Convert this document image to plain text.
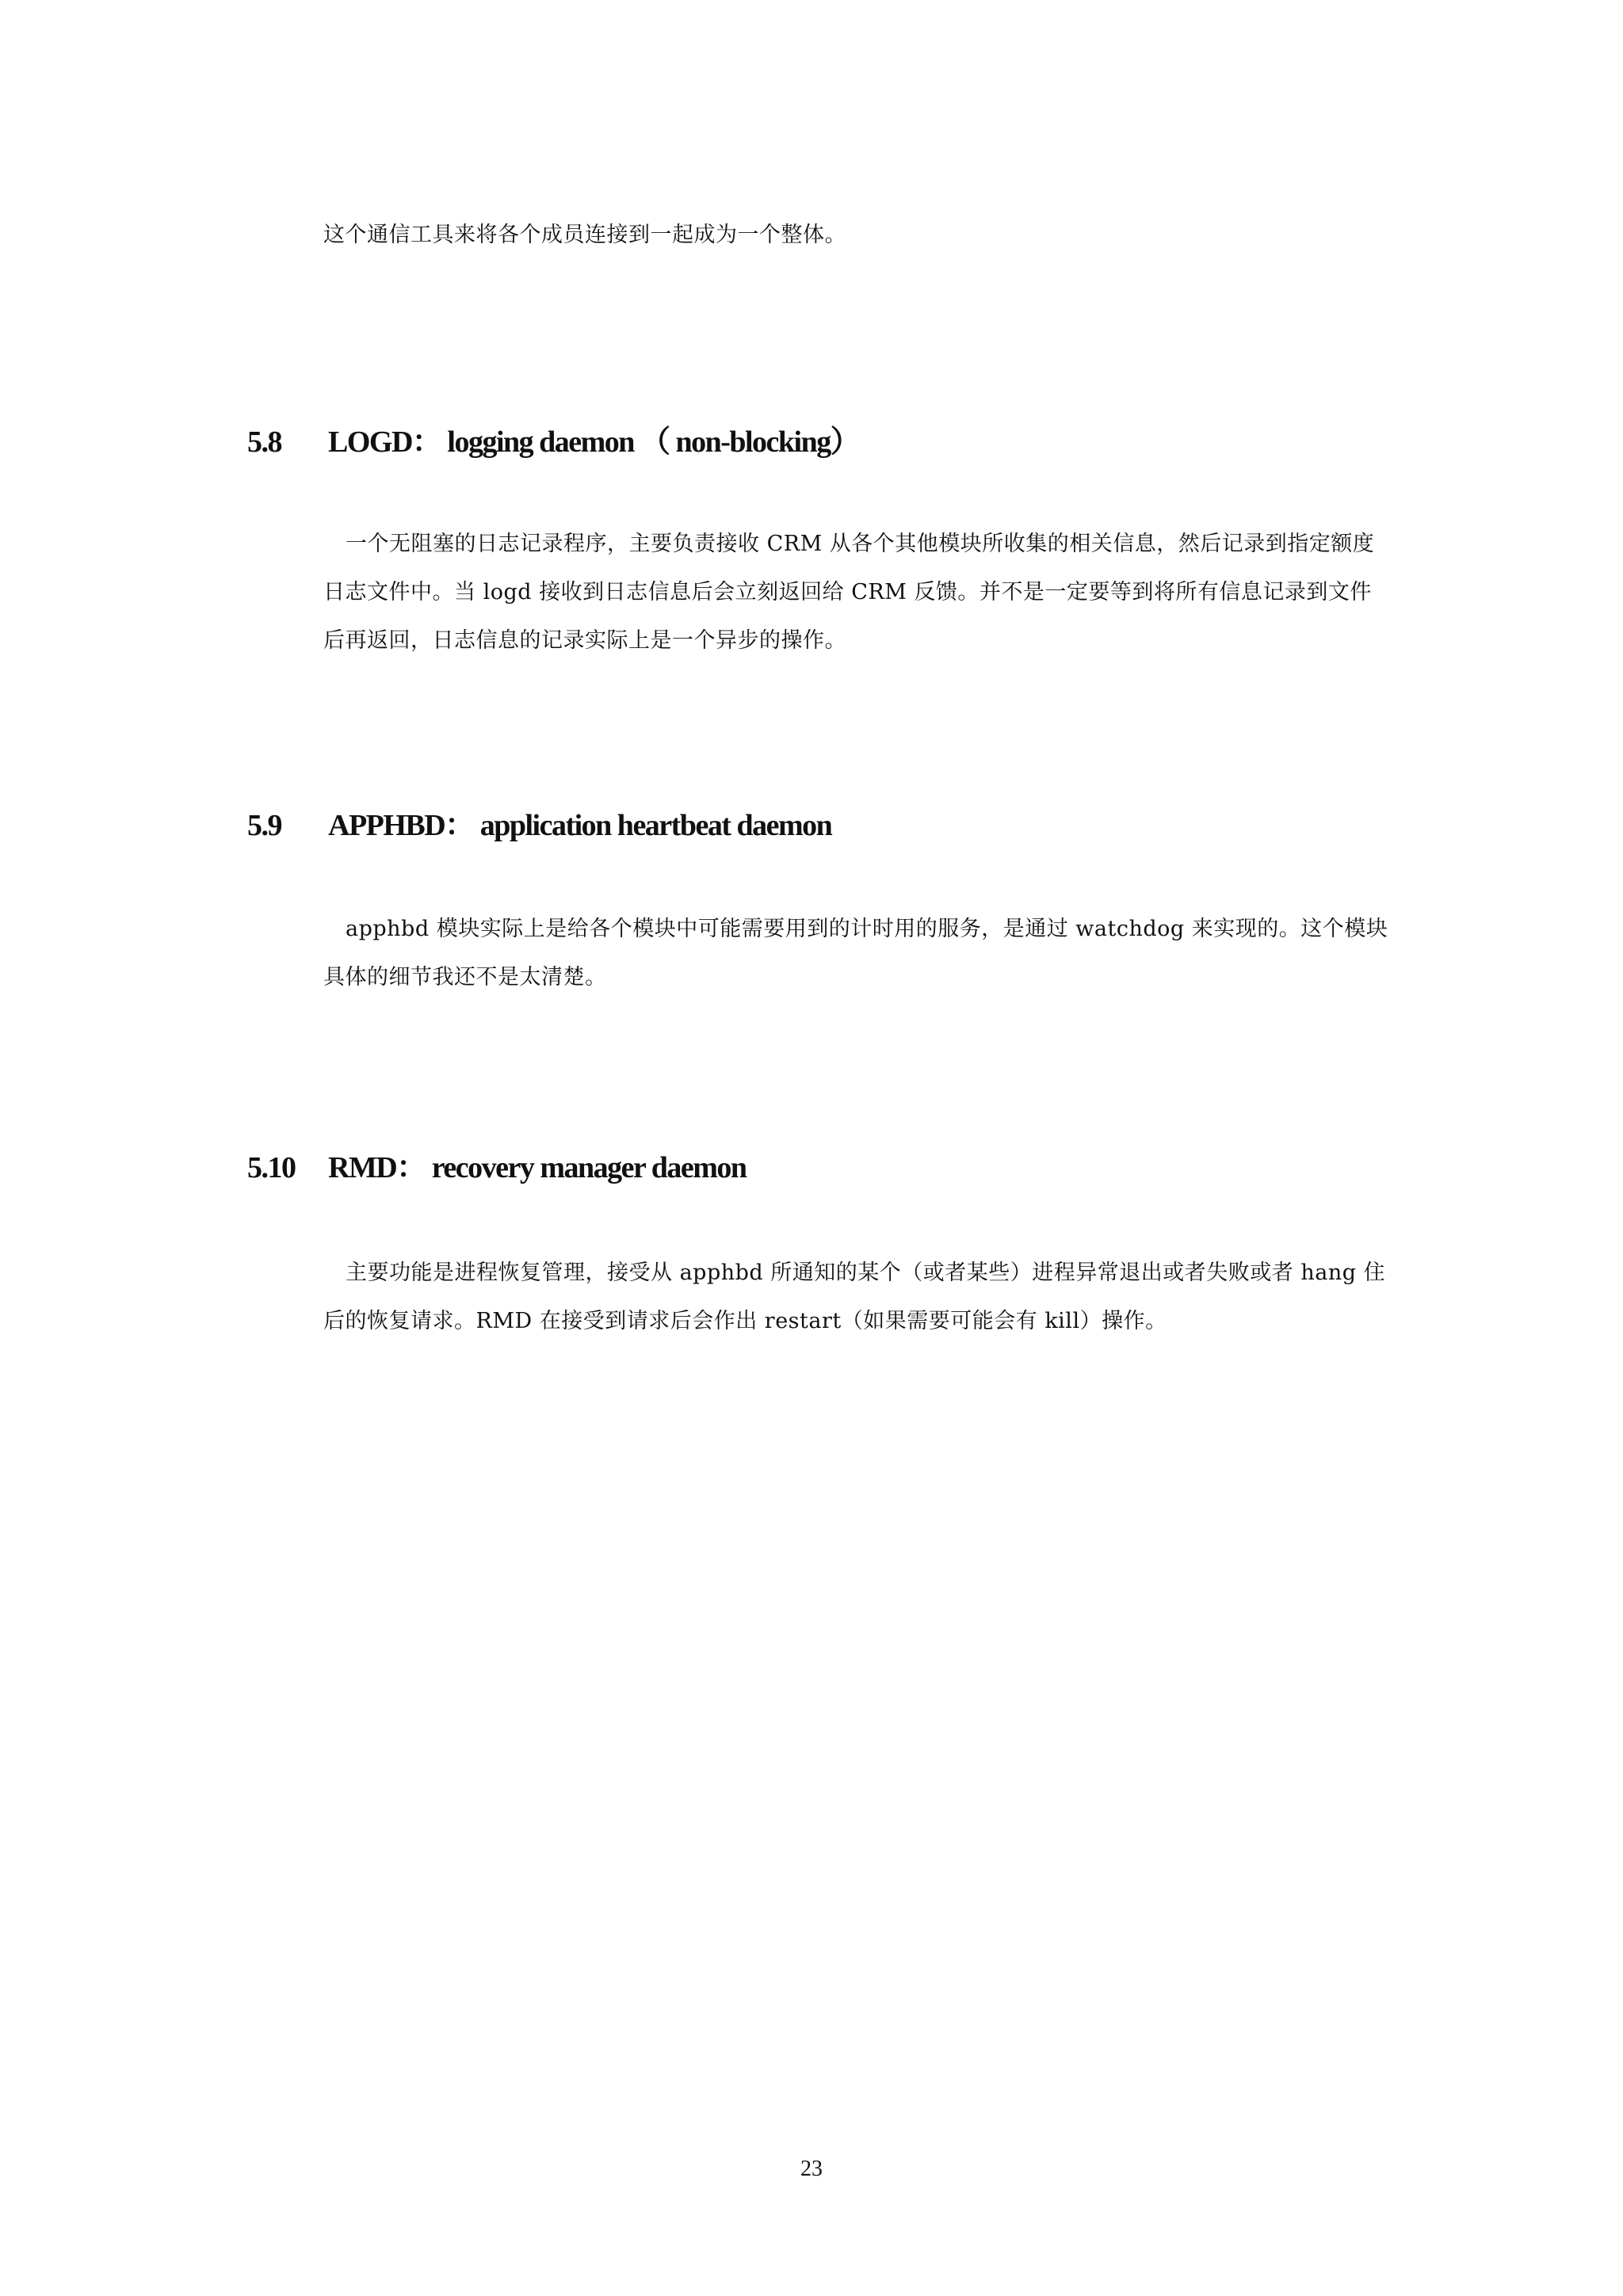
这个通信工具来将各个成员连接到一起成为一个整体。

5.8 LOGD： logging daemon （ non-blocking）

一个无阻塞的日志记录程序，主要负责接收 CRM 从各个其他模块所收集的相关信息，然后记录到指定额度日志文件中。当 logd 接收到日志信息后会立刻返回给 CRM 反馈。并不是一定要等到将所有信息记录到文件后再返回，日志信息的记录实际上是一个异步的操作。

5.9 APPHBD： application heartbeat daemon

apphbd 模块实际上是给各个模块中可能需要用到的计时用的服务，是通过 watchdog 来实现的。这个模块具体的细节我还不是太清楚。

5.10 RMD： recovery manager daemon

主要功能是进程恢复管理，接受从 apphbd 所通知的某个（或者某些）进程异常退出或者失败或者 hang 住后的恢复请求。RMD 在接受到请求后会作出 restart（如果需要可能会有 kill）操作。

23
